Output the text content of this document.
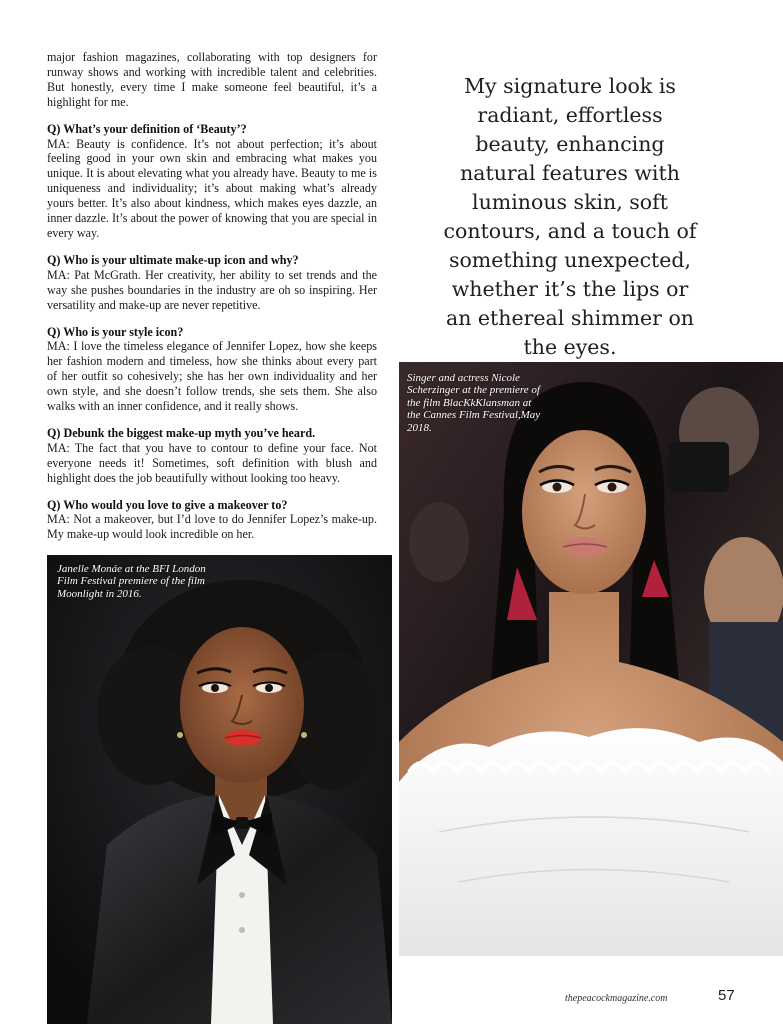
major fashion magazines, collaborating with top designers for runway shows and working with incredible talent and celebrities. But honestly, every time I make someone feel beautiful, it’s a highlight for me.

Q) What’s your definition of ‘Beauty’?

MA: Beauty is confidence. It’s not about perfection; it’s about feeling good in your own skin and embracing what makes you unique. It is about elevating what you already have. Beauty to me is uniqueness and individuality; it’s about making what’s already yours better. It’s also about kindness, which makes eyes dazzle, an inner dazzle. It’s about the power of knowing that you are special in every way.

Q) Who is your ultimate make-up icon and why?

MA: Pat McGrath. Her creativity, her ability to set trends and the way she pushes boundaries in the industry are oh so inspiring. Her versatility and make-up are never repetitive.

Q) Who is your style icon?

MA: I love the timeless elegance of Jennifer Lopez, how she keeps her fashion modern and timeless, how she thinks about every part of her outfit so cohesively; she has her own individuality and her own style, and she doesn’t follow trends, she sets them. She also walks with an inner confidence, and it really shows.

Q) Debunk the biggest make-up myth you’ve heard.

MA: The fact that you have to contour to define your face. Not everyone needs it! Sometimes, soft definition with blush and highlight does the job beautifully without looking too heavy.

Q) Who would you love to give a makeover to?

MA: Not a makeover, but I’d love to do Jennifer Lopez’s make-up. My make-up would look incredible on her.

My signature look is radiant, effortless beauty, enhancing natural features with luminous skin, soft contours, and a touch of something unexpected, whether it’s the lips or an ethereal shimmer on the eyes.

Janelle Monáe at the BFI London Film Festival premiere of the film Moonlight in 2016.

Singer and actress Nicole Scherzinger at the premiere of the film BlacKkKlansman at the Cannes Film Festival,May 2018.

thepeacockmagazine.com	57
